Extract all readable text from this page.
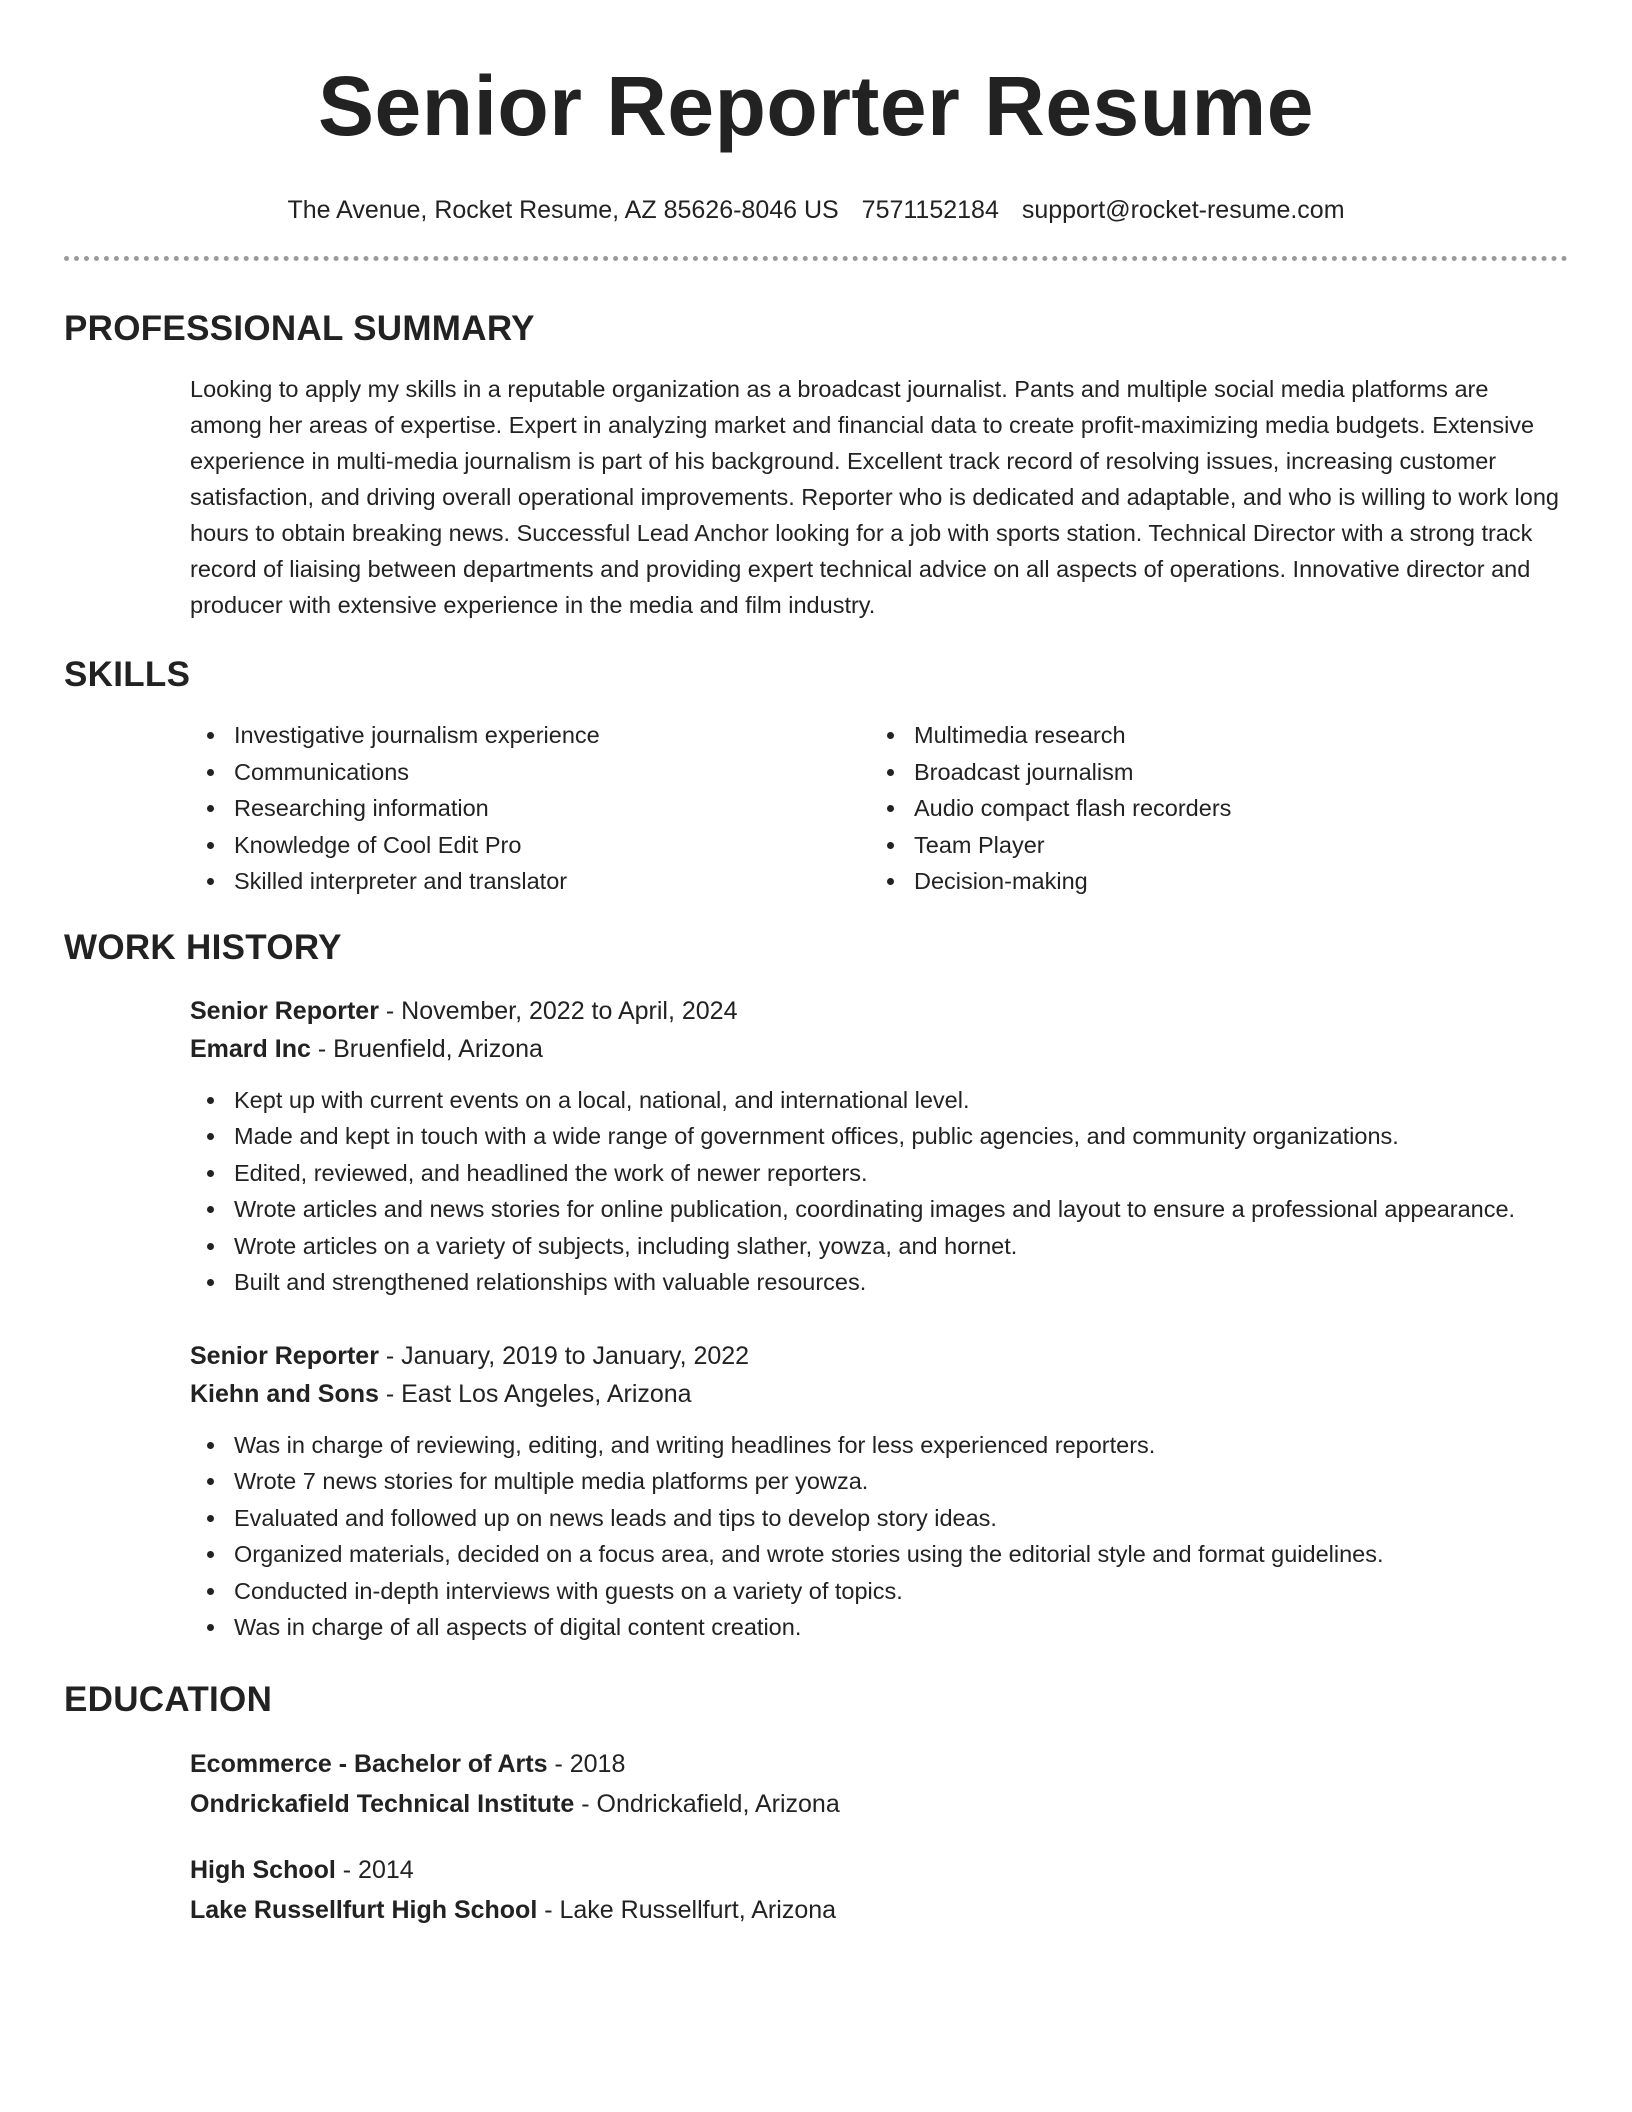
Senior Reporter Resume
The Avenue, Rocket Resume, AZ 85626-8046 US 7571152184 support@rocket-resume.com
PROFESSIONAL SUMMARY

Looking to apply my skills in a reputable organization as a broadcast journalist. Pants and multiple social media platforms are among her areas of expertise. Expert in analyzing market and financial data to create profit-maximizing media budgets. Extensive experience in multi-media journalism is part of his background. Excellent track record of resolving issues, increasing customer satisfaction, and driving overall operational improvements. Reporter who is dedicated and adaptable, and who is willing to work long hours to obtain breaking news. Successful Lead Anchor looking for a job with sports station. Technical Director with a strong track record of liaising between departments and providing expert technical advice on all aspects of operations. Innovative director and producer with extensive experience in the media and film industry.

SKILLS
Investigative journalism experience
Communications
Researching information
Knowledge of Cool Edit Pro
Skilled interpreter and translator
Multimedia research
Broadcast journalism
Audio compact flash recorders
Team Player
Decision-making
WORK HISTORY
Senior Reporter - November, 2022 to April, 2024
Emard Inc - Bruenfield, Arizona
Kept up with current events on a local, national, and international level.
Made and kept in touch with a wide range of government offices, public agencies, and community organizations.
Edited, reviewed, and headlined the work of newer reporters.
Wrote articles and news stories for online publication, coordinating images and layout to ensure a professional appearance.
Wrote articles on a variety of subjects, including slather, yowza, and hornet.
Built and strengthened relationships with valuable resources.
Senior Reporter - January, 2019 to January, 2022
Kiehn and Sons - East Los Angeles, Arizona
Was in charge of reviewing, editing, and writing headlines for less experienced reporters.
Wrote 7 news stories for multiple media platforms per yowza.
Evaluated and followed up on news leads and tips to develop story ideas.
Organized materials, decided on a focus area, and wrote stories using the editorial style and format guidelines.
Conducted in-depth interviews with guests on a variety of topics.
Was in charge of all aspects of digital content creation.
EDUCATION
Ecommerce - Bachelor of Arts - 2018
Ondrickafield Technical Institute - Ondrickafield, Arizona
High School - 2014
Lake Russellfurt High School - Lake Russellfurt, Arizona
